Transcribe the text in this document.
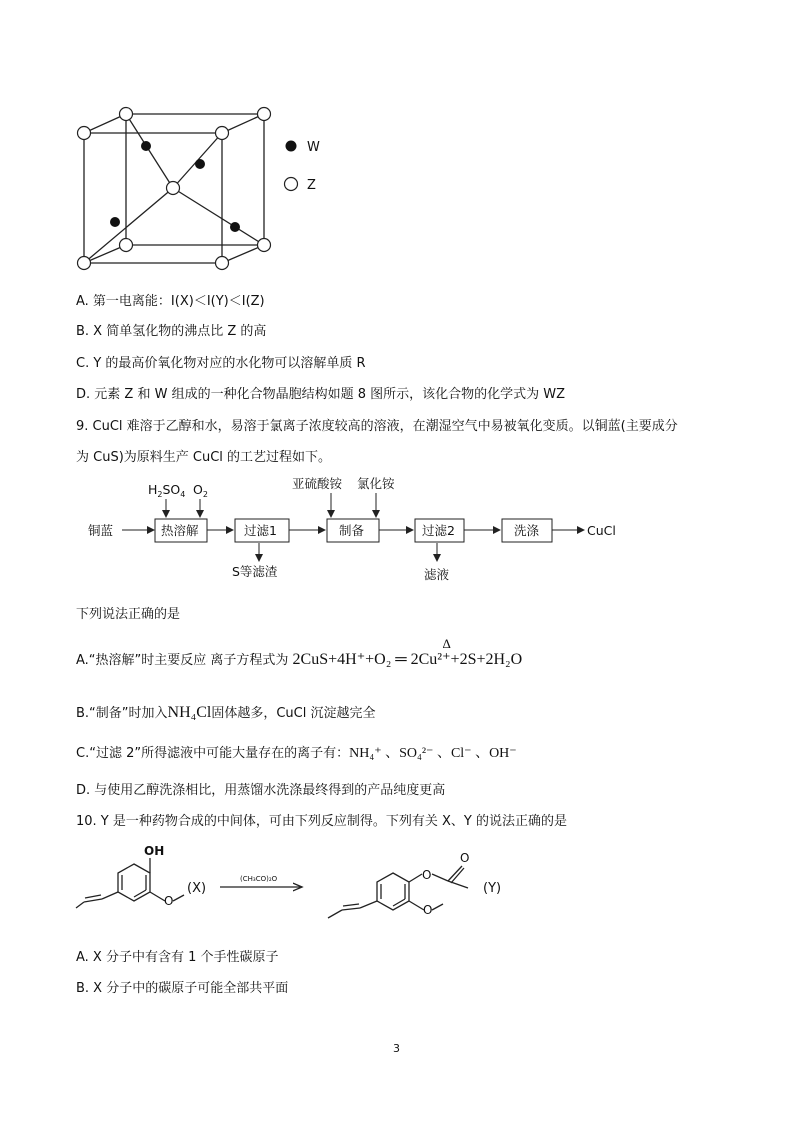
W
Z
A. 第一电离能：I(X)＜I(Y)＜I(Z)
B. X 简单氢化物的沸点比 Z 的高
C. Y 的最高价氧化物对应的水化物可以溶解单质 R
D. 元素 Z 和 W 组成的一种化合物晶胞结构如题 8 图所示，该化合物的化学式为 WZ
9. CuCl 难溶于乙醇和水，易溶于氯离子浓度较高的溶液，在潮湿空气中易被氧化变质。以铜蓝(主要成分
为 CuS)为原料生产 CuCl 的工艺过程如下。
铜蓝	热溶解	过滤1	制备	过滤2	洗涤	CuCl
亚硫酸铵 氯化铵
S等滤渣	滤液
$H_2SO_4$ $O_2$
下列说法正确的是
A.“热溶解”时主要反应 离子方程式为
Δ
2CuS+4H⁺+O₂ ═ 2Cu²⁺+2S+2H₂O
B.“制备”时加入NH₄Cl固体越多，CuCl 沉淀越完全
C.“过滤 2”所得滤液中可能大量存在的离子有：NH₄⁺ 、SO₄²⁻ 、Cl⁻ 、OH⁻
D. 与使用乙醇洗涤相比，用蒸馏水洗涤最终得到的产品纯度更高
10. Y 是一种药物合成的中间体，可由下列反应制得。下列有关 X、Y 的说法正确的是
OH
O
(X)
(CH₃CO)₂O	O
O
O
(Y)
A. X 分子中有含有 1 个手性碳原子
B. X 分子中的碳原子可能全部共平面
3
